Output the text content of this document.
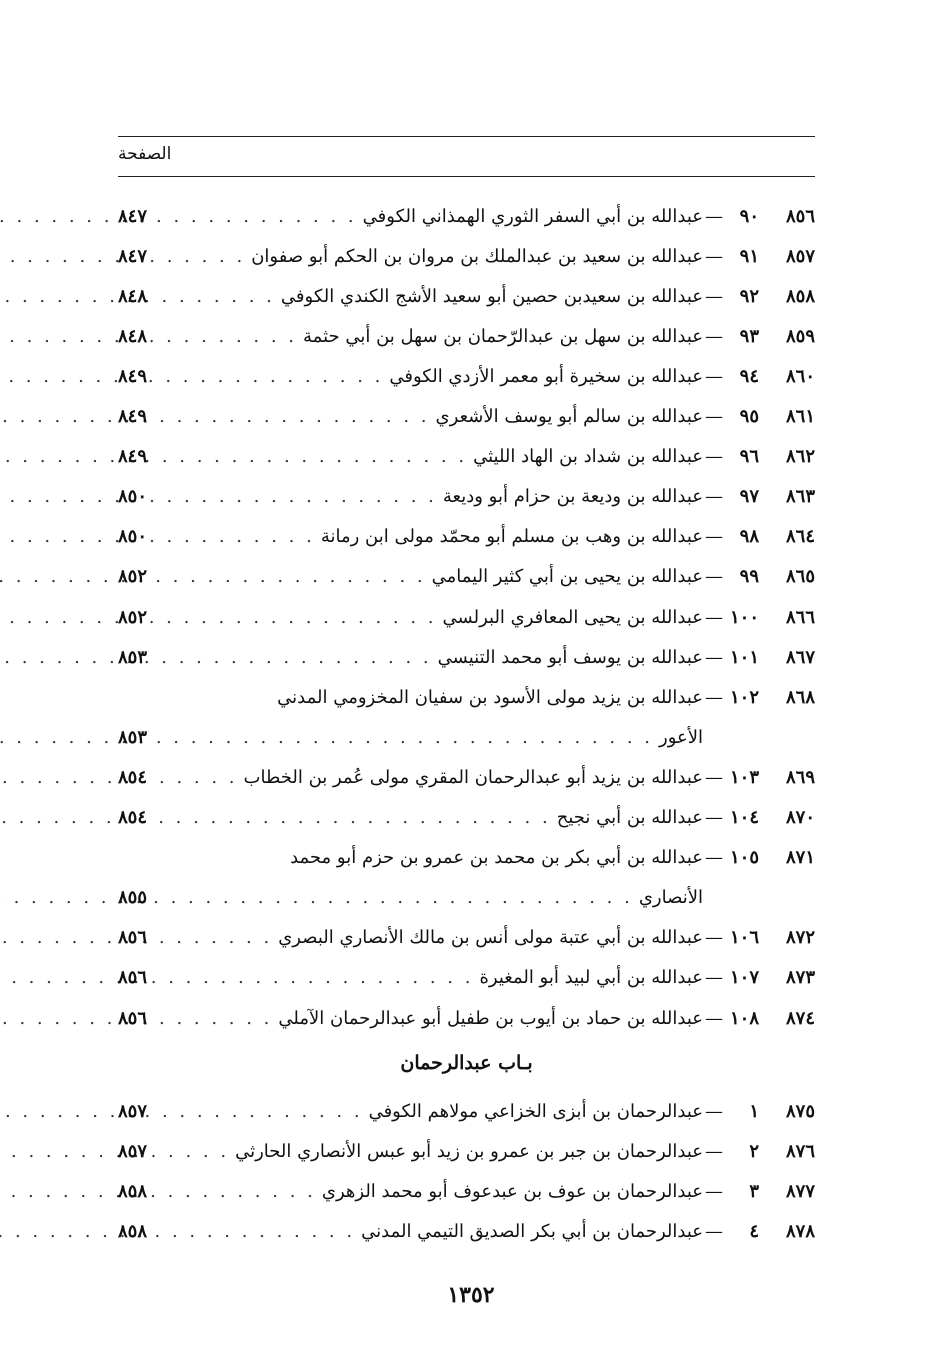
الصفحة
٨٥٦
٩٠
—
عبدالله بن أبي السفر الثوري الهمذاني الكوفي
. . .
٨٤٧
٨٥٧
٩١
—
عبدالله بن سعيد بن عبدالملك بن مروان بن الحكم أبو صفوان
. . .
٨٤٧
٨٥٨
٩٢
—
عبدالله بن سعيدبن حصين أبو سعيد الأشج الكندي الكوفي
. . .
٨٤٨
٨٥٩
٩٣
—
عبدالله بن سهل بن عبدالرّحمان بن سهل بن أبي حثمة
. . .
٨٤٨
٨٦٠
٩٤
—
عبدالله بن سخيرة أبو معمر الأزدي الكوفي
. . .
٨٤٩
٨٦١
٩٥
—
عبدالله بن سالم أبو يوسف الأشعري
. . .
٨٤٩
٨٦٢
٩٦
—
عبدالله بن شداد بن الهاد الليثي
. . .
٨٤٩
٨٦٣
٩٧
—
عبدالله بن وديعة بن حزام أبو وديعة
. . .
٨٥٠
٨٦٤
٩٨
—
عبدالله بن وهب بن مسلم أبو محمّد مولى ابن رمانة
. . .
٨٥٠
٨٦٥
٩٩
—
عبدالله بن يحيى بن أبي كثير اليمامي
. . .
٨٥٢
٨٦٦
١٠٠
—
عبدالله بن يحيى المعافري البرلسي
. . .
٨٥٢
٨٦٧
١٠١
—
عبدالله بن يوسف أبو محمد التنيسي
. . .
٨٥٣
٨٦٨
١٠٢
—
عبدالله بن يزيد مولى الأسود بن سفيان المخزومي المدني
الأعور
. . .
٨٥٣
٨٦٩
١٠٣
—
عبدالله بن يزيد أبو عبدالرحمان المقري مولى عُمر بن الخطاب
. . .
٨٥٤
٨٧٠
١٠٤
—
عبدالله بن أبي نجيح
. . .
٨٥٤
٨٧١
١٠٥
—
عبدالله بن أبي بكر بن محمد بن عمرو بن حزم أبو محمد
الأنصاري
. . .
٨٥٥
٨٧٢
١٠٦
—
عبدالله بن أبي عتبة مولى أنس بن مالك الأنصاري البصري
. . .
٨٥٦
٨٧٣
١٠٧
—
عبدالله بن أبي لبيد أبو المغيرة
. . .
٨٥٦
٨٧٤
١٠٨
—
عبدالله بن حماد بن أيوب بن طفيل أبو عبدالرحمان الآملي
. . .
٨٥٦
بـاب عبدالرحمان
٨٧٥
١
—
عبدالرحمان بن أبزى الخزاعي مولاهم الكوفي
. . .
٨٥٧
٨٧٦
٢
—
عبدالرحمان بن جبر بن عمرو بن زيد أبو عبس الأنصاري الحارثي
. . .
٨٥٧
٨٧٧
٣
—
عبدالرحمان بن عوف بن عبدعوف أبو محمد الزهري
. . .
٨٥٨
٨٧٨
٤
—
عبدالرحمان بن أبي بكر الصديق التيمي المدني
. . .
٨٥٨
١٣٥٢
